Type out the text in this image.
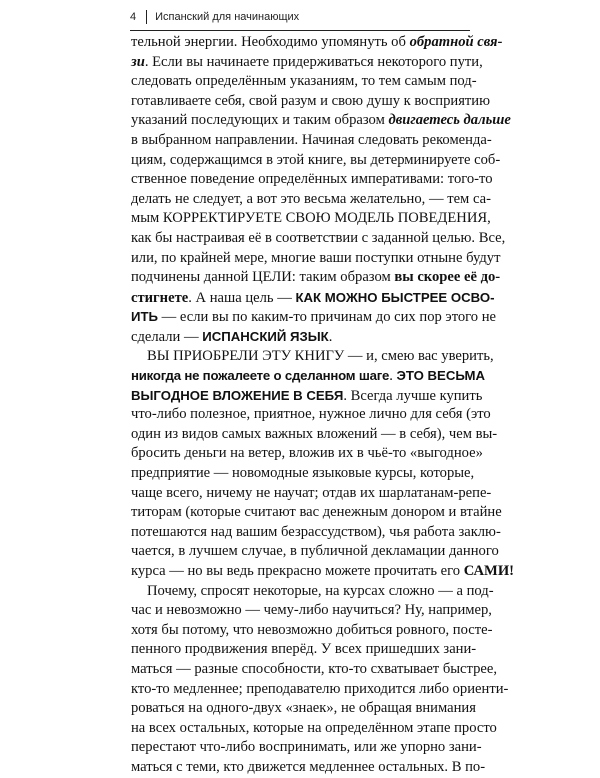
4 Испанский для начинающих
тельной энергии. Необходимо упомянуть об обратной свя-
зи. Если вы начинаете придерживаться некоторого пути,
следовать определённым указаниям, то тем самым под-
готавливаете себя, свой разум и свою душу к восприятию
указаний последующих и таким образом двигаетесь дальше
в выбранном направлении. Начиная следовать рекоменда-
циям, содержащимся в этой книге, вы детерминируете соб-
ственное поведение определённых императивами: того-то
делать не следует, а вот это весьма желательно, — тем са-
мым КОРРЕКТИРУЕТЕ СВОЮ МОДЕЛЬ ПОВЕДЕНИЯ,
как бы настраивая её в соответствии с заданной целью. Все,
или, по крайней мере, многие ваши поступки отныне будут
подчинены данной ЦЕЛИ: таким образом вы скорее её до-
стигнете. А наша цель — КАК МОЖНО БЫСТРЕЕ ОСВО-
ИТЬ — если вы по каким-то причинам до сих пор этого не
сделали — ИСПАНСКИЙ ЯЗЫК.
ВЫ ПРИОБРЕЛИ ЭТУ КНИГУ — и, смею вас уверить,
никогда не пожалеете о сделанном шаге. ЭТО ВЕСЬМА
ВЫГОДНОЕ ВЛОЖЕНИЕ В СЕБЯ. Всегда лучше купить
что-либо полезное, приятное, нужное лично для себя (это
один из видов самых важных вложений — в себя), чем вы-
бросить деньги на ветер, вложив их в чьё-то «выгодное»
предприятие — новомодные языковые курсы, которые,
чаще всего, ничему не научат; отдав их шарлатанам-репе-
титорам (которые считают вас денежным донором и втайне
потешаются над вашим безрассудством), чья работа заклю-
чается, в лучшем случае, в публичной декламации данного
курса — но вы ведь прекрасно можете прочитать его САМИ!
Почему, спросят некоторые, на курсах сложно — а под-
час и невозможно — чему-либо научиться? Ну, например,
хотя бы потому, что невозможно добиться ровного, посте-
пенного продвижения вперёд. У всех пришедших зани-
маться — разные способности, кто-то схватывает быстрее,
кто-то медленнее; преподавателю приходится либо ориенти-
роваться на одного-двух «знаек», не обращая внимания
на всех остальных, которые на определённом этапе просто
перестают что-либо воспринимать, или же упорно зани-
маться с теми, кто движется медленнее остальных. В по-
